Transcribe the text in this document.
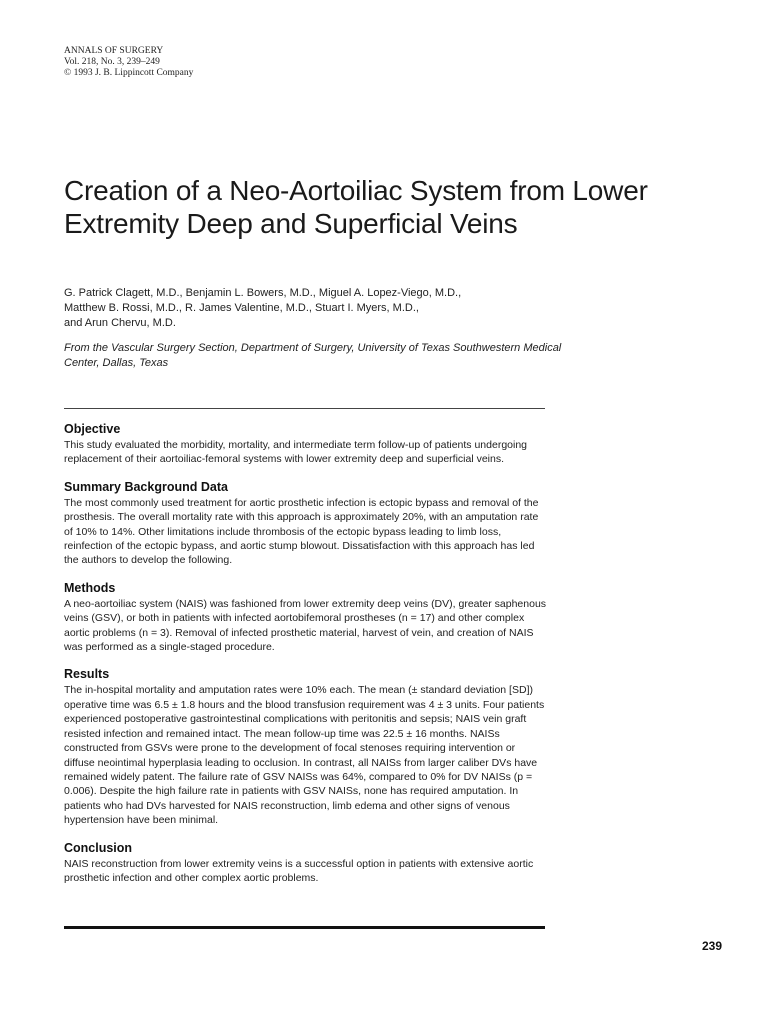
ANNALS OF SURGERY
Vol. 218, No. 3, 239–249
© 1993 J. B. Lippincott Company
Creation of a Neo-Aortoiliac System from Lower Extremity Deep and Superficial Veins
G. Patrick Clagett, M.D., Benjamin L. Bowers, M.D., Miguel A. Lopez-Viego, M.D.,
Matthew B. Rossi, M.D., R. James Valentine, M.D., Stuart I. Myers, M.D.,
and Arun Chervu, M.D.
From the Vascular Surgery Section, Department of Surgery, University of Texas Southwestern Medical Center, Dallas, Texas
Objective

This study evaluated the morbidity, mortality, and intermediate term follow-up of patients undergoing replacement of their aortoiliac-femoral systems with lower extremity deep and superficial veins.

Summary Background Data

The most commonly used treatment for aortic prosthetic infection is ectopic bypass and removal of the prosthesis. The overall mortality rate with this approach is approximately 20%, with an amputation rate of 10% to 14%. Other limitations include thrombosis of the ectopic bypass leading to limb loss, reinfection of the ectopic bypass, and aortic stump blowout. Dissatisfaction with this approach has led the authors to develop the following.

Methods

A neo-aortoiliac system (NAIS) was fashioned from lower extremity deep veins (DV), greater saphenous veins (GSV), or both in patients with infected aortobifemoral prostheses (n = 17) and other complex aortic problems (n = 3). Removal of infected prosthetic material, harvest of vein, and creation of NAIS was performed as a single-staged procedure.

Results

The in-hospital mortality and amputation rates were 10% each. The mean (± standard deviation [SD]) operative time was 6.5 ± 1.8 hours and the blood transfusion requirement was 4 ± 3 units. Four patients experienced postoperative gastrointestinal complications with peritonitis and sepsis; NAIS vein graft resisted infection and remained intact. The mean follow-up time was 22.5 ± 16 months. NAISs constructed from GSVs were prone to the development of focal stenoses requiring intervention or diffuse neointimal hyperplasia leading to occlusion. In contrast, all NAISs from larger caliber DVs have remained widely patent. The failure rate of GSV NAISs was 64%, compared to 0% for DV NAISs (p = 0.006). Despite the high failure rate in patients with GSV NAISs, none has required amputation. In patients who had DVs harvested for NAIS reconstruction, limb edema and other signs of venous hypertension have been minimal.

Conclusion

NAIS reconstruction from lower extremity veins is a successful option in patients with extensive aortic prosthetic infection and other complex aortic problems.

239
